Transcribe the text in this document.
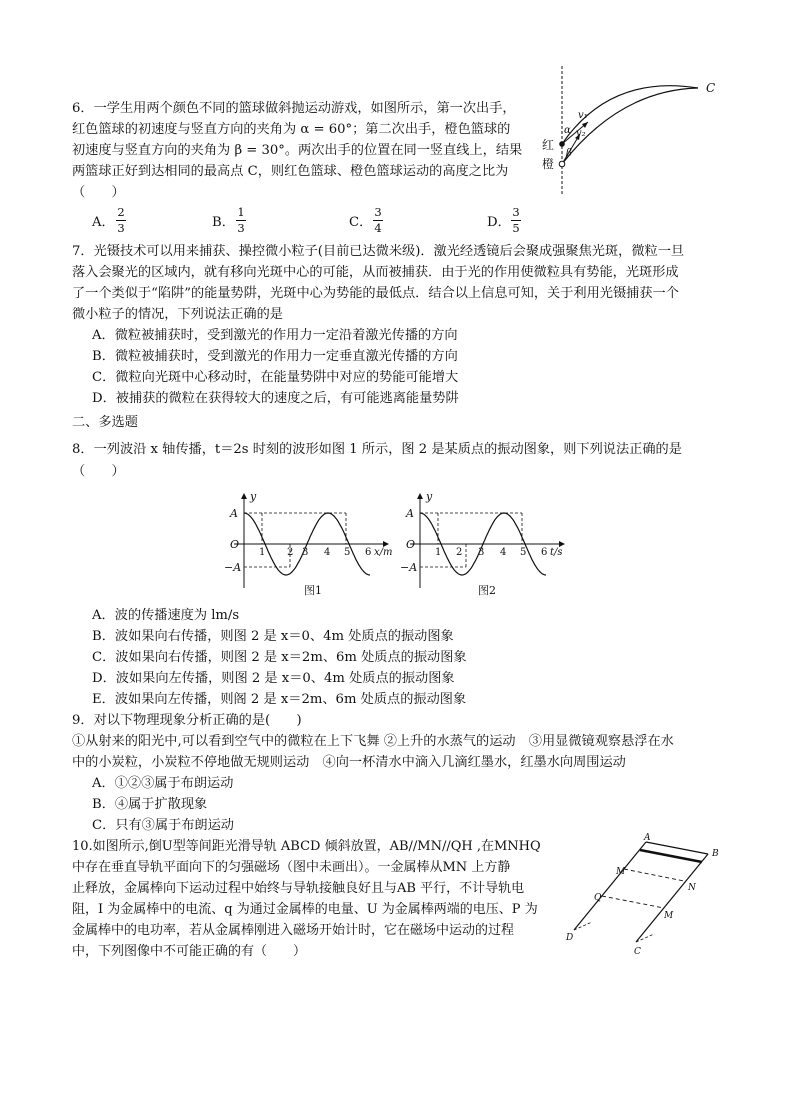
6．一学生用两个颜色不同的篮球做斜抛运动游戏，如图所示，第一次出手，
红色篮球的初速度与竖直方向的夹角为 α = 60°；第二次出手，橙色篮球的
初速度与竖直方向的夹角为 β = 30°。两次出手的位置在同一竖直线上，结果
两篮球正好到达相同的最高点 C，则红色篮球、橙色篮球运动的高度之比为
（　　）
A．
2
3	B．
1
3	C．
3
4	D．
3
5
C
红
橙
α
β
v₁
v₂
7．光镊技术可以用来捕获、操控微小粒子(目前已达微米级)．激光经透镜后会聚成强聚焦光斑，微粒一旦
落入会聚光的区域内，就有移向光斑中心的可能，从而被捕获．由于光的作用使微粒具有势能，光斑形成
了一个类似于“陷阱”的能量势阱，光斑中心为势能的最低点．结合以上信息可知，关于利用光镊捕获一个
微小粒子的情况，下列说法正确的是
A．微粒被捕获时，受到激光的作用力一定沿着激光传播的方向
B．微粒被捕获时，受到激光的作用力一定垂直激光传播的方向
C．微粒向光斑中心移动时，在能量势阱中对应的势能可能增大
D．被捕获的微粒在获得较大的速度之后，有可能逃离能量势阱
二、多选题
8．一列波沿 x 轴传播，t＝2s 时刻的波形如图 1 所示，图 2 是某质点的振动图象，则下列说法正确的是
（　　）
y
A
O
−A
1 2 3 4 5 6 x/m
图1
y
A
O
−A
1 2 3 4 5 6 t/s
图2
A．波的传播速度为 lm/s
B．波如果向右传播，则图 2 是 x＝0、4m 处质点的振动图象
C．波如果向右传播，则图 2 是 x＝2m、6m 处质点的振动图象
D．波如果向左传播，则图 2 是 x＝0、4m 处质点的振动图象
E．波如果向左传播，则阁 2 是 x＝2m、6m 处质点的振动图象
9．对以下物理现象分析正确的是(　　)
①从射来的阳光中,可以看到空气中的微粒在上下飞舞 ②上升的水蒸气的运动　③用显微镜观察悬浮在水
中的小炭粒，小炭粒不停地做无规则运动　④向一杯清水中滴入几滴红墨水，红墨水向周围运动
A．①②③属于布朗运动
B．④属于扩散现象
C．只有③属于布朗运动
10.如图所示,倒U型等间距光滑导轨 ABCD 倾斜放置，AB//MN//QH ,在MNHQ
中存在垂直导轨平面向下的匀强磁场（图中未画出）。一金属棒从MN 上方静
止释放，金属棒向下运动过程中始终与导轨接触良好且与AB 平行，不计导轨电
阻，I 为金属棒中的电流、q 为通过金属棒的电量、U 为金属棒两端的电压、P 为
金属棒中的电功率，若从金属棒刚进入磁场开始计时，它在磁场中运动的过程
中，下列图像中不可能正确的有（　　）
A
B
M
N
Q
M
D
C
